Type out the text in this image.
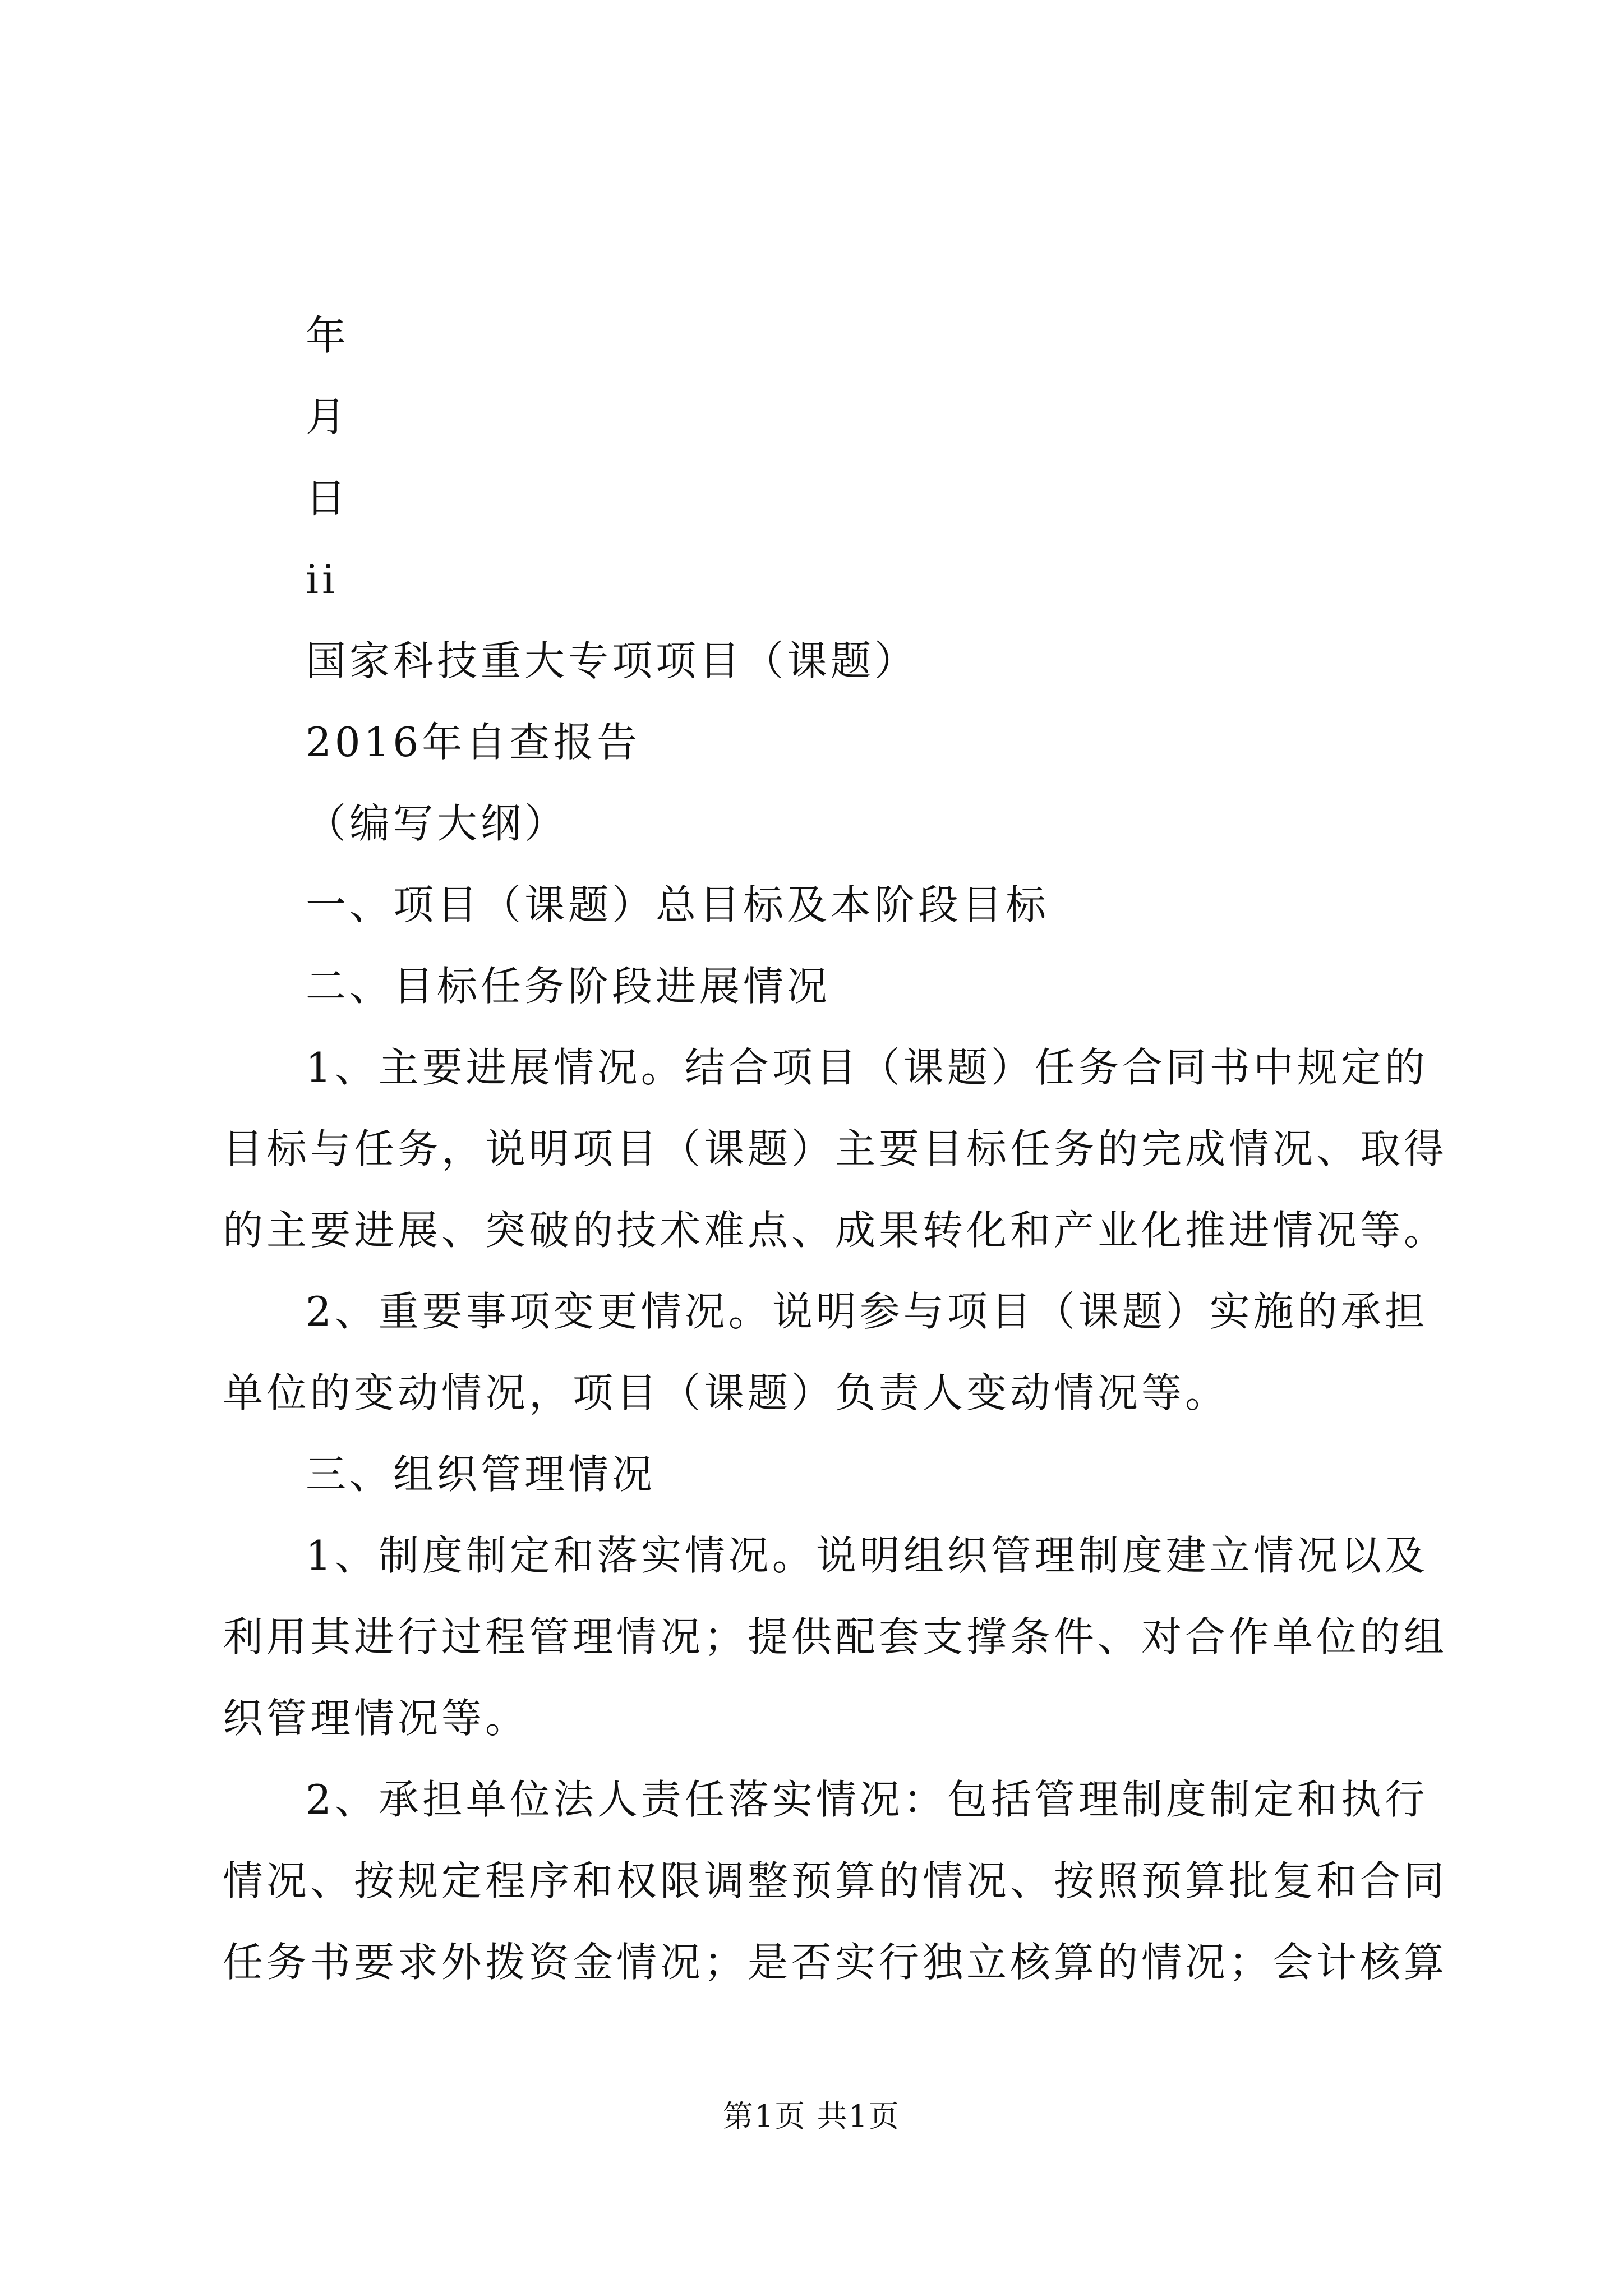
年
月
日
ii
国家科技重大专项项目（课题）
2016年自查报告
（编写大纲）
一、项目（课题）总目标及本阶段目标
二、目标任务阶段进展情况
1、主要进展情况。结合项目（课题）任务合同书中规定的
目标与任务，说明项目（课题）主要目标任务的完成情况、取得
的主要进展、突破的技术难点、成果转化和产业化推进情况等。
2、重要事项变更情况。说明参与项目（课题）实施的承担
单位的变动情况，项目（课题）负责人变动情况等。
三、组织管理情况
1、制度制定和落实情况。说明组织管理制度建立情况以及
利用其进行过程管理情况；提供配套支撑条件、对合作单位的组
织管理情况等。
2、承担单位法人责任落实情况：包括管理制度制定和执行
情况、按规定程序和权限调整预算的情况、按照预算批复和合同
任务书要求外拨资金情况；是否实行独立核算的情况；会计核算
第1页 共1页
